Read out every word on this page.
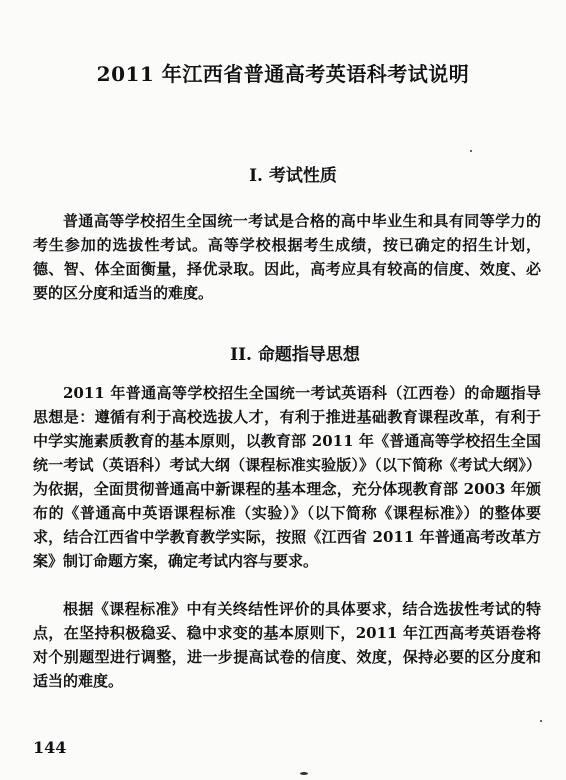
2011 年江西省普通高考英语科考试说明
I. 考试性质
普通高等学校招生全国统一考试是合格的高中毕业生和具有同等学力的考生参加的选拔性考试。高等学校根据考生成绩，按已确定的招生计划，德、智、体全面衡量，择优录取。因此，高考应具有较高的信度、效度、必要的区分度和适当的难度。
II. 命题指导思想
2011 年普通高等学校招生全国统一考试英语科（江西卷）的命题指导思想是：遵循有利于高校选拔人才，有利于推进基础教育课程改革，有利于中学实施素质教育的基本原则，以教育部 2011 年《普通高等学校招生全国统一考试（英语科）考试大纲（课程标准实验版）》（以下简称《考试大纲》）为依据，全面贯彻普通高中新课程的基本理念，充分体现教育部 2003 年颁布的《普通高中英语课程标准（实验）》（以下简称《课程标准》）的整体要求，结合江西省中学教育教学实际，按照《江西省 2011 年普通高考改革方案》制订命题方案，确定考试内容与要求。
根据《课程标准》中有关终结性评价的具体要求，结合选拔性考试的特点，在坚持积极稳妥、稳中求变的基本原则下，2011 年江西高考英语卷将对个别题型进行调整，进一步提高试卷的信度、效度，保持必要的区分度和适当的难度。
144
